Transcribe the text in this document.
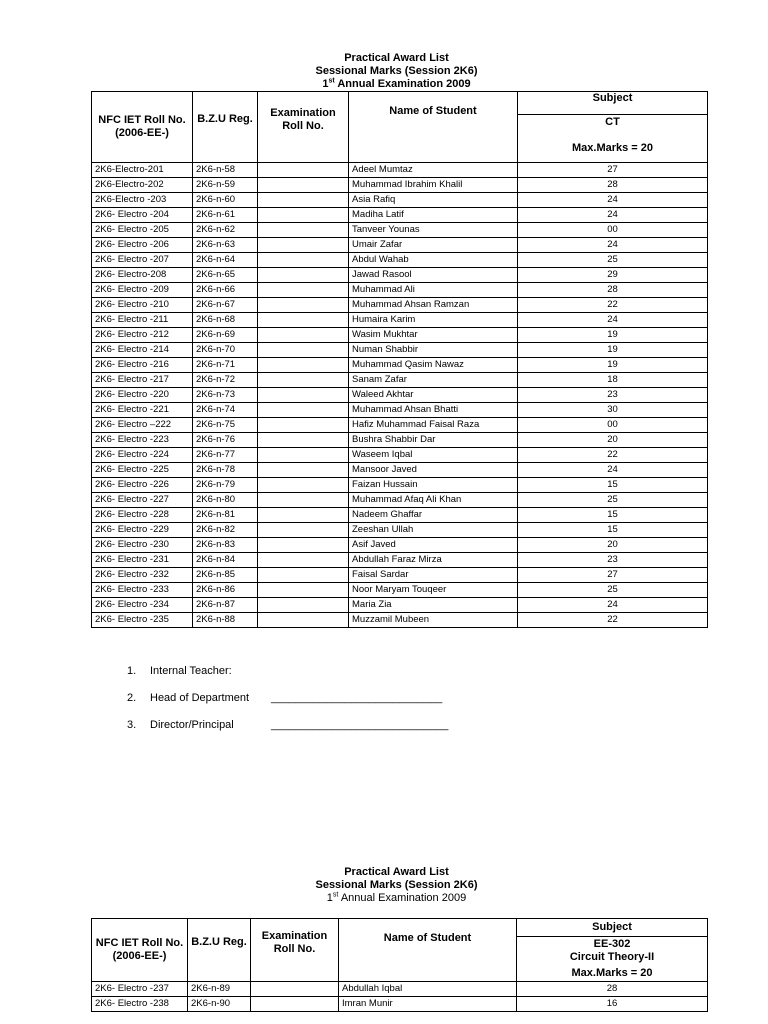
Practical Award List
Sessional Marks (Session 2K6)
1st Annual Examination 2009
NFC IET Roll No.
(2006-EE-)	B.Z.U Reg.	Examination Roll No.	Name of Student	Subject

				CT
Max.Marks = 20

2K6-Electro-201	2K6-n-58		Adeel Mumtaz	27
2K6-Electro-202	2K6-n-59		Muhammad Ibrahim Khalil	28
2K6-Electro -203	2K6-n-60		Asia Rafiq	24
2K6- Electro -204	2K6-n-61		Madiha Latif	24
2K6- Electro -205	2K6-n-62		Tanveer Younas	00
2K6- Electro -206	2K6-n-63		Umair Zafar	24
2K6- Electro -207	2K6-n-64		Abdul Wahab	25
2K6- Electro-208	2K6-n-65		Jawad Rasool	29
2K6- Electro -209	2K6-n-66		Muhammad Ali	28
2K6- Electro -210	2K6-n-67		Muhammad Ahsan Ramzan	22
2K6- Electro -211	2K6-n-68		Humaira Karim	24
2K6- Electro -212	2K6-n-69		Wasim Mukhtar	19
2K6- Electro -214	2K6-n-70		Numan Shabbir	19
2K6- Electro -216	2K6-n-71		Muhammad Qasim Nawaz	19
2K6- Electro -217	2K6-n-72		Sanam Zafar	18
2K6- Electro -220	2K6-n-73		Waleed Akhtar	23
2K6- Electro -221	2K6-n-74		Muhammad Ahsan Bhatti	30
2K6- Electro –222	2K6-n-75		Hafiz Muhammad Faisal Raza	00
2K6- Electro -223	2K6-n-76		Bushra Shabbir Dar	20
2K6- Electro -224	2K6-n-77		Waseem Iqbal	22
2K6- Electro -225	2K6-n-78		Mansoor Javed	24
2K6- Electro -226	2K6-n-79		Faizan Hussain	15
2K6- Electro -227	2K6-n-80		Muhammad Afaq Ali Khan	25
2K6- Electro -228	2K6-n-81		Nadeem Ghaffar	15
2K6- Electro -229	2K6-n-82		Zeeshan Ullah	15
2K6- Electro -230	2K6-n-83		Asif Javed	20
2K6- Electro -231	2K6-n-84		Abdullah Faraz Mirza	23
2K6- Electro -232	2K6-n-85		Faisal Sardar	27
2K6- Electro -233	2K6-n-86		Noor Maryam Touqeer	25
2K6- Electro -234	2K6-n-87		Maria Zia	24
2K6- Electro -235	2K6-n-88		Muzzamil Mubeen	22
1. Internal Teacher:
2. Head of Department ____________________________
3. Director/Principal	_____________________________
Practical Award List
Sessional Marks (Session 2K6)
1st Annual Examination 2009
NFC IET Roll No.
(2006-EE-)	B.Z.U Reg.	Examination Roll No.	Name of Student	Subject

				EE-302
Circuit Theory-II
Max.Marks = 20

2K6- Electro -237	2K6-n-89		Abdullah Iqbal	28
2K6- Electro -238	2K6-n-90		Imran Munir	16
